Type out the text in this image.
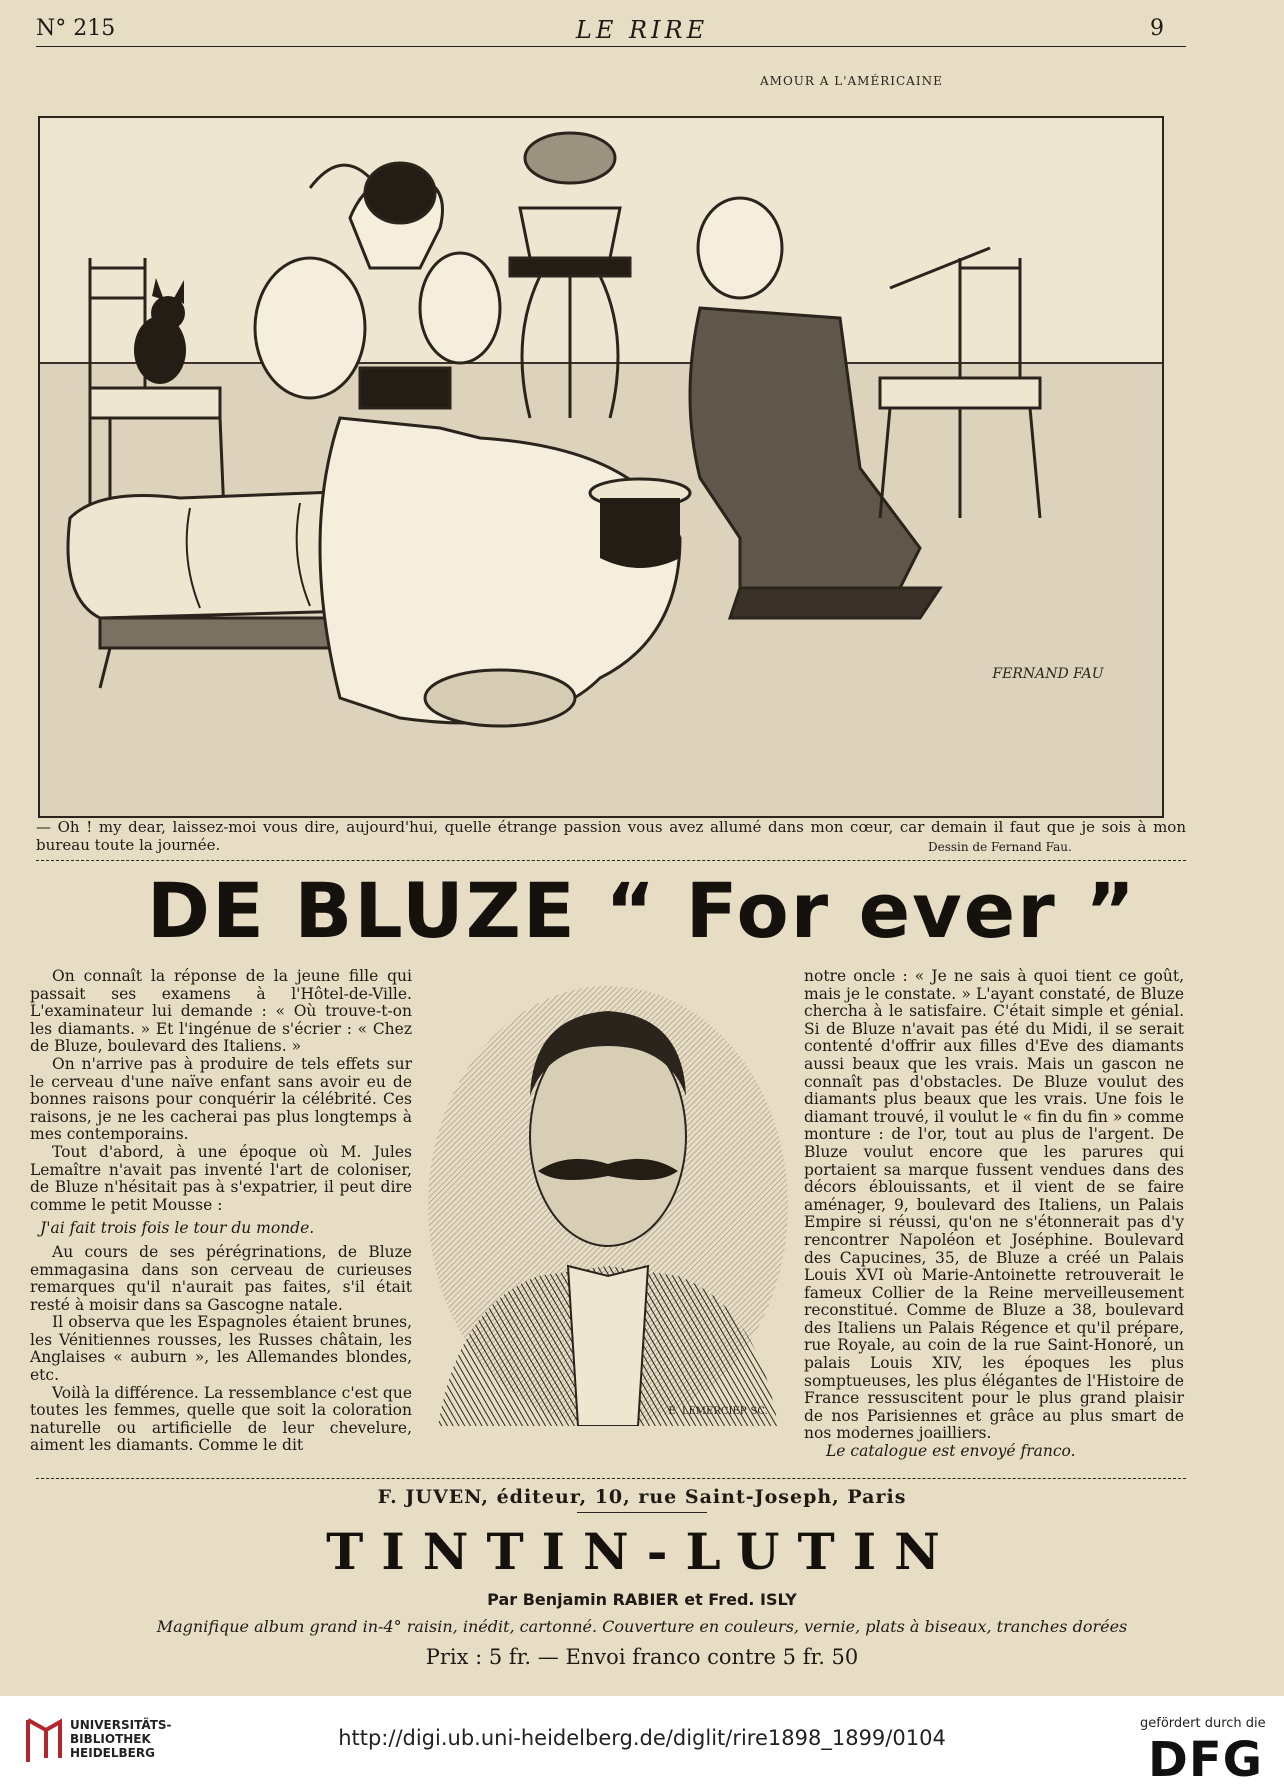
N° 215	LE RIRE	9
AMOUR A L'AMÉRICAINE
FERNAND FAU
— Oh ! my dear, laissez-moi vous dire, aujourd'hui, quelle étrange passion vous avez allumé dans mon cœur, car demain il faut que je sois à mon
bureau toute la journée.	Dessin de Fernand Fau.
DE BLUZE “ For ever ”

On connaît la réponse de la jeune fille qui passait ses examens à l'Hôtel-de-Ville. L'examinateur lui demande : « Où trouve-t-on les diamants. » Et l'ingénue de s'écrier : « Chez de Bluze, boulevard des Italiens. »

On n'arrive pas à produire de tels effets sur le cerveau d'une naïve enfant sans avoir eu de bonnes raisons pour conquérir la célébrité. Ces raisons, je ne les cacherai pas plus longtemps à mes contemporains.

Tout d'abord, à une époque où M. Jules Lemaître n'avait pas inventé l'art de coloniser, de Bluze n'hésitait pas à s'expatrier, il peut dire comme le petit Mousse :

J'ai fait trois fois le tour du monde.

Au cours de ses pérégrinations, de Bluze emmagasina dans son cerveau de curieuses remarques qu'il n'aurait pas faites, s'il était resté à moisir dans sa Gascogne natale.

Il observa que les Espagnoles étaient brunes, les Vénitiennes rousses, les Russes châtain, les Anglaises « auburn », les Allemandes blondes, etc.

Voilà la différence. La ressemblance c'est que toutes les femmes, quelle que soit la coloration naturelle ou artificielle de leur chevelure, aiment les diamants. Comme le dit

E. LEMERCIER SC.

notre oncle : « Je ne sais à quoi tient ce goût, mais je le constate. » L'ayant constaté, de Bluze chercha à le satisfaire. C'était simple et génial. Si de Bluze n'avait pas été du Midi, il se serait contenté d'offrir aux filles d'Eve des diamants aussi beaux que les vrais. Mais un gascon ne connaît pas d'obstacles. De Bluze voulut des diamants plus beaux que les vrais. Une fois le diamant trouvé, il voulut le « fin du fin » comme monture : de l'or, tout au plus de l'argent. De Bluze voulut encore que les parures qui portaient sa marque fussent vendues dans des décors éblouissants, et il vient de se faire aménager, 9, boulevard des Italiens, un Palais Empire si réussi, qu'on ne s'étonnerait pas d'y rencontrer Napoléon et Joséphine. Boulevard des Capucines, 35, de Bluze a créé un Palais Louis XVI où Marie-Antoinette retrouverait le fameux Collier de la Reine merveilleusement reconstitué. Comme de Bluze a 38, boulevard des Italiens un Palais Régence et qu'il prépare, rue Royale, au coin de la rue Saint-Honoré, un palais Louis XIV, les époques les plus somptueuses, les plus élégantes de l'Histoire de France ressuscitent pour le plus grand plaisir de nos Parisiennes et grâce au plus smart de nos modernes joailliers.

Le catalogue est envoyé franco.

F. JUVEN, éditeur, 10, rue Saint-Joseph, Paris
TINTIN-LUTIN
Par Benjamin RABIER et Fred. ISLY
Magnifique album grand in-4° raisin, inédit, cartonné. Couverture en couleurs, vernie, plats à biseaux, tranches dorées
Prix : 5 fr. — Envoi franco contre 5 fr. 50
UNIVERSITÄTS-
BIBLIOTHEK
HEIDELBERG
http://digi.ub.uni-heidelberg.de/diglit/rire1898_1899/0104
gefördert durch die
DFG
